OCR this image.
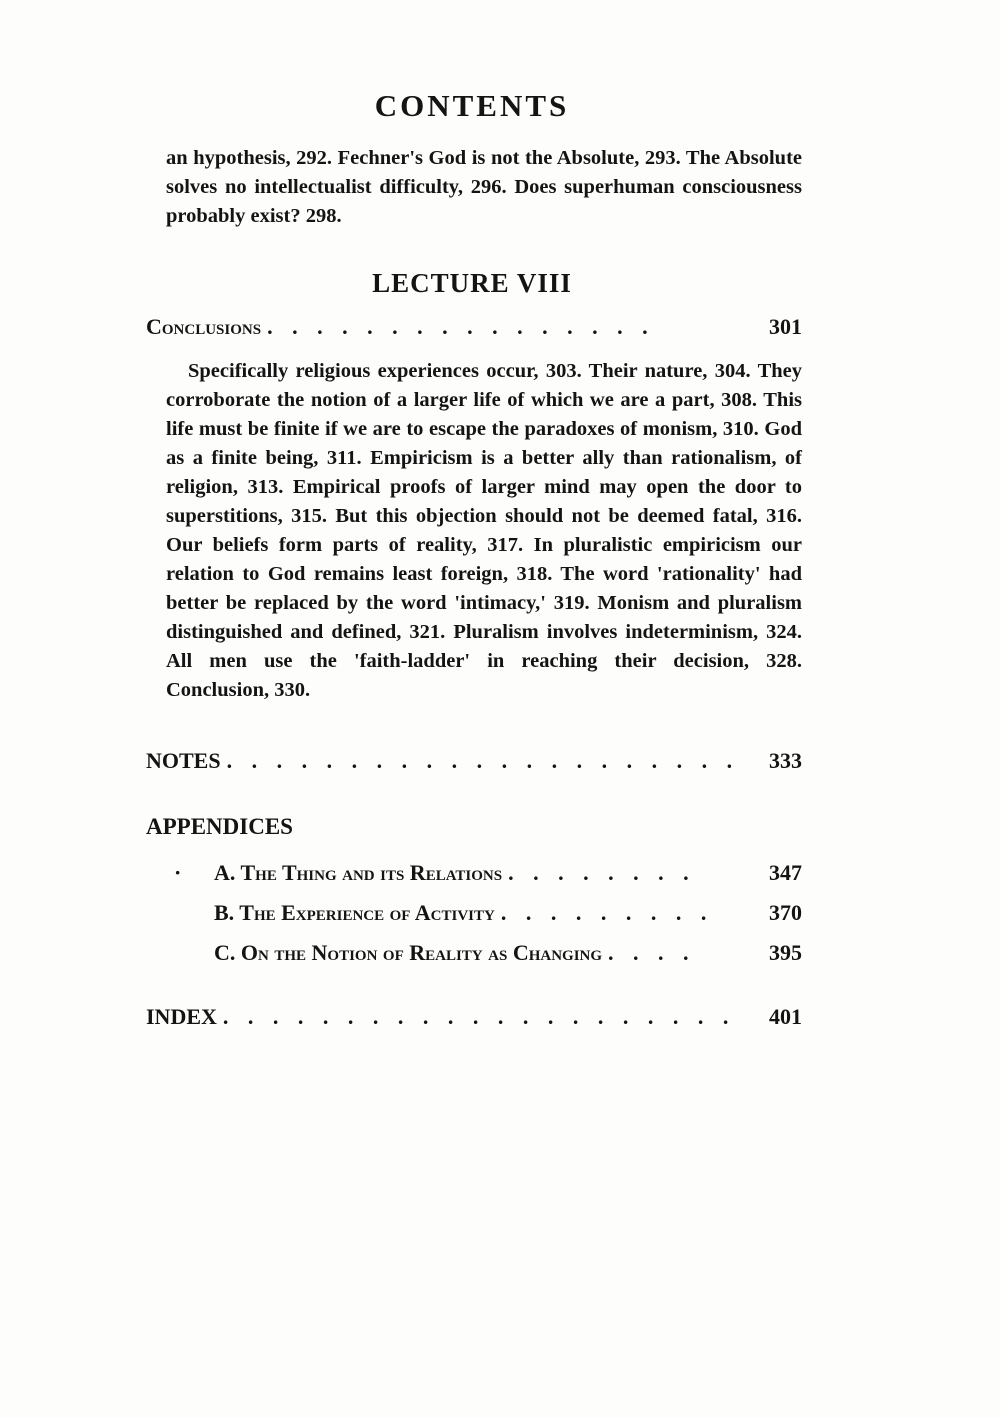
CONTENTS

an hypothesis, 292. Fechner's God is not the Absolute, 293. The Absolute solves no intellectualist difficulty, 296. Does superhuman consciousness probably exist? 298.

LECTURE VIII
Conclusions . . . . . . . . . . . . . . . .	301

Specifically religious experiences occur, 303. Their nature, 304. They corroborate the notion of a larger life of which we are a part, 308. This life must be finite if we are to escape the paradoxes of monism, 310. God as a finite being, 311. Empiricism is a better ally than rationalism, of religion, 313. Empirical proofs of larger mind may open the door to superstitions, 315. But this objection should not be deemed fatal, 316. Our beliefs form parts of reality, 317. In pluralistic empiricism our relation to God remains least foreign, 318. The word 'rationality' had better be replaced by the word 'intimacy,' 319. Monism and pluralism distinguished and defined, 321. Pluralism involves indeterminism, 324. All men use the 'faith-ladder' in reaching their decision, 328. Conclusion, 330.

NOTES . . . . . . . . . . . . . . . . . . . . .	333
APPENDICES
· A. The Thing and its Relations . . . . . . . .	347
B. The Experience of Activity . . . . . . . . .	370
C. On the Notion of Reality as Changing . . . .	395
INDEX . . . . . . . . . . . . . . . . . . . . .	401
